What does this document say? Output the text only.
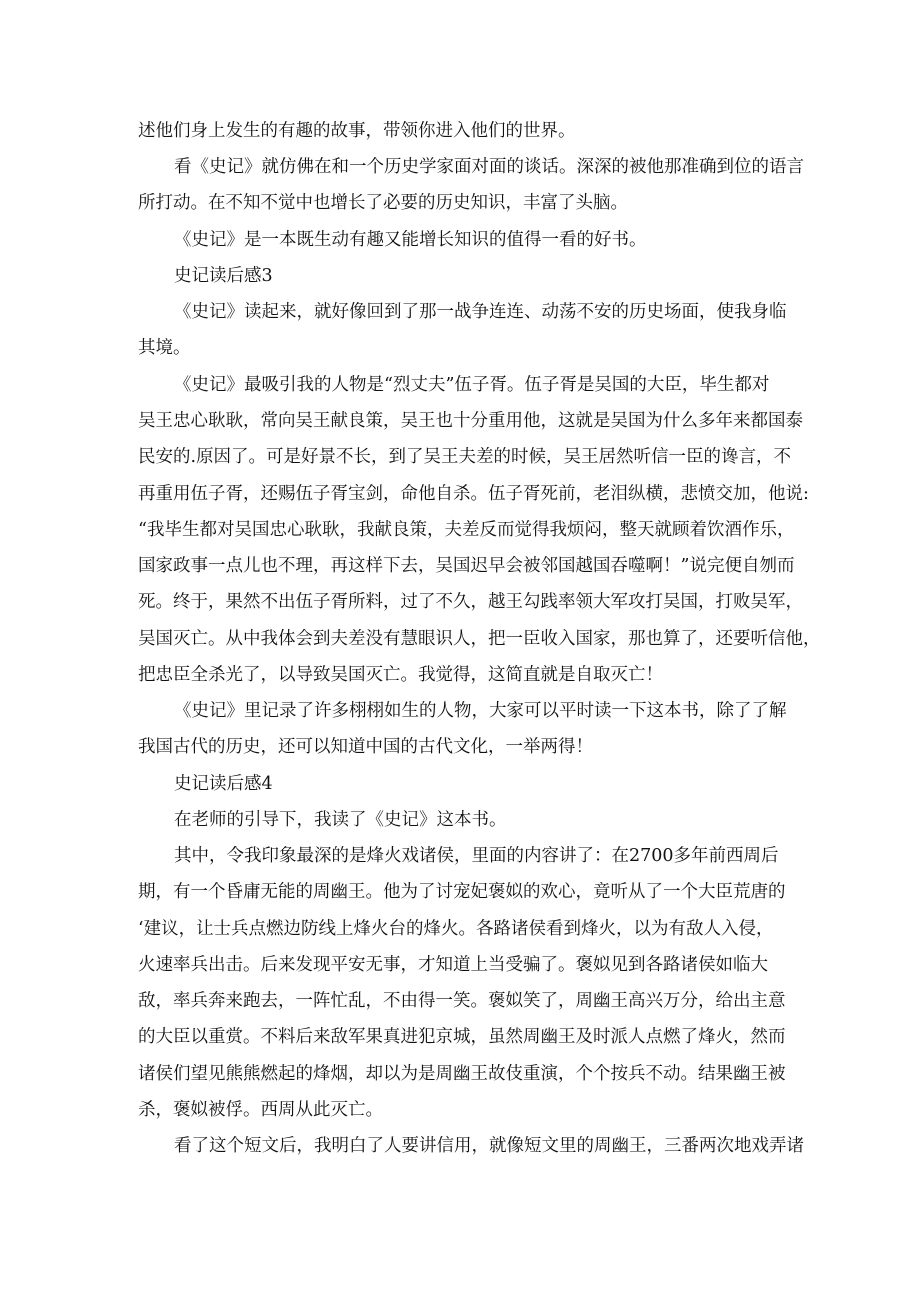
述他们身上发生的有趣的故事，带领你进入他们的世界。
看《史记》就仿佛在和一个历史学家面对面的谈话。深深的被他那准确到位的语言
所打动。在不知不觉中也增长了必要的历史知识，丰富了头脑。
《史记》是一本既生动有趣又能增长知识的值得一看的好书。
史记读后感3
《史记》读起来，就好像回到了那一战争连连、动荡不安的历史场面，使我身临
其境。
《史记》最吸引我的人物是“烈丈夫”伍子胥。伍子胥是吴国的大臣，毕生都对
吴王忠心耿耿，常向吴王献良策，吴王也十分重用他，这就是吴国为什么多年来都国泰
民安的.原因了。可是好景不长，到了吴王夫差的时候，吴王居然听信一臣的谗言，不
再重用伍子胥，还赐伍子胥宝剑，命他自杀。伍子胥死前，老泪纵横，悲愤交加，他说:
“我毕生都对吴国忠心耿耿，我献良策，夫差反而觉得我烦闷，整天就顾着饮酒作乐，
国家政事一点儿也不理，再这样下去，吴国迟早会被邻国越国吞噬啊！”说完便自刎而
死。终于，果然不出伍子胥所料，过了不久，越王勾践率领大军攻打吴国，打败吴军，
吴国灭亡。从中我体会到夫差没有慧眼识人，把一臣收入国家，那也算了，还要听信他，
把忠臣全杀光了，以导致吴国灭亡。我觉得，这简直就是自取灭亡！
《史记》里记录了许多栩栩如生的人物，大家可以平时读一下这本书，除了了解
我国古代的历史，还可以知道中国的古代文化，一举两得！
史记读后感4
在老师的引导下，我读了《史记》这本书。
其中，令我印象最深的是烽火戏诸侯，里面的内容讲了：在2700多年前西周后
期，有一个昏庸无能的周幽王。他为了讨宠妃褒姒的欢心，竟听从了一个大臣荒唐的
‘建议，让士兵点燃边防线上烽火台的烽火。各路诸侯看到烽火，以为有敌人入侵，
火速率兵出击。后来发现平安无事，才知道上当受骗了。褒姒见到各路诸侯如临大
敌，率兵奔来跑去，一阵忙乱，不由得一笑。褒姒笑了，周幽王高兴万分，给出主意
的大臣以重赏。不料后来敌军果真进犯京城，虽然周幽王及时派人点燃了烽火，然而
诸侯们望见熊熊燃起的烽烟，却以为是周幽王故伎重演，个个按兵不动。结果幽王被
杀，褒姒被俘。西周从此灭亡。
看了这个短文后，我明白了人要讲信用，就像短文里的周幽王，三番两次地戏弄诸
